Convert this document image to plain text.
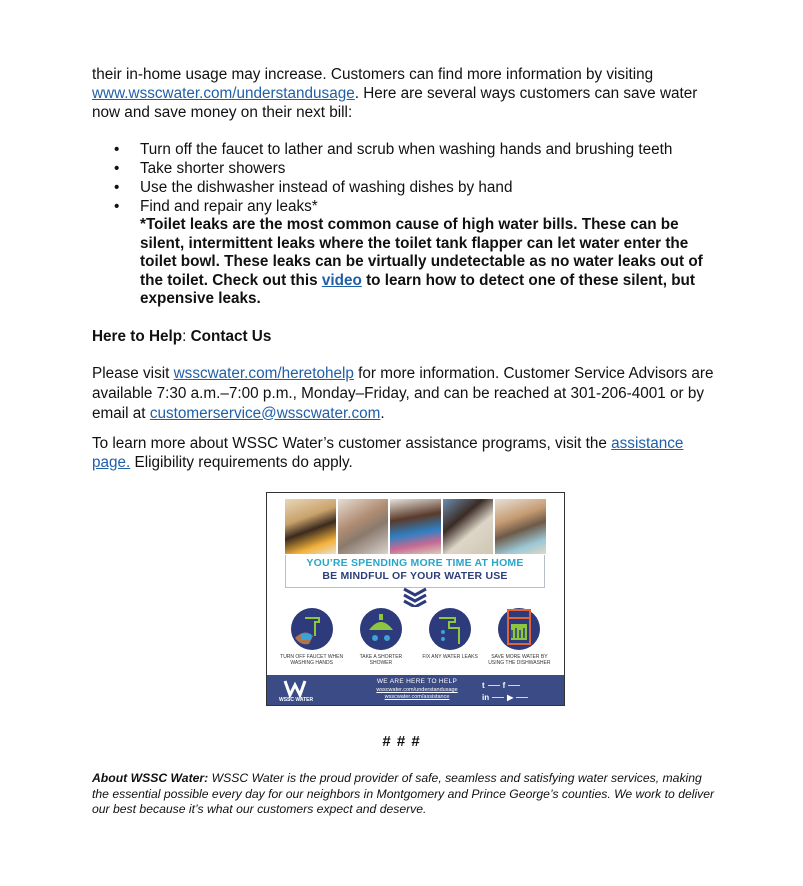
their in-home usage may increase. Customers can find more information by visiting
www.wsscwater.com/understandusage. Here are several ways customers can save water now and save money on their next bill:

• Turn off the faucet to lather and scrub when washing hands and brushing teeth
• Take shorter showers
• Use the dishwasher instead of washing dishes by hand
• Find and repair any leaks*

*Toilet leaks are the most common cause of high water bills. These can be silent, intermittent leaks where the toilet tank flapper can let water enter the toilet bowl. These leaks can be virtually undetectable as no water leaks out of the toilet. Check out this video to learn how to detect one of these silent, but expensive leaks.

Here to Help: Contact Us

Please visit wsscwater.com/heretohelp for more information. Customer Service Advisors are available 7:30 a.m.–7:00 p.m., Monday–Friday, and can be reached at 301-206-4001 or by email at customerservice@wsscwater.com.

To learn more about WSSC Water’s customer assistance programs, visit the assistance page. Eligibility requirements do apply.

YOU’RE SPENDING MORE TIME AT HOME
BE MINDFUL OF YOUR WATER USE
TURN OFF FAUCET WHEN WASHING HANDS
TAKE A SHORTER SHOWER
FIX ANY WATER LEAKS	SAVE MORE WATER BY USING THE DISHWASHER
WSSC WATER
WE ARE HERE TO HELP
wsscwater.com/understandusage
wsscwater.com/assistance
t f
in ▶
# # #

About WSSC Water: WSSC Water is the proud provider of safe, seamless and satisfying water services, making the essential possible every day for our neighbors in Montgomery and Prince George’s counties. We work to deliver our best because it’s what our customers expect and deserve.
